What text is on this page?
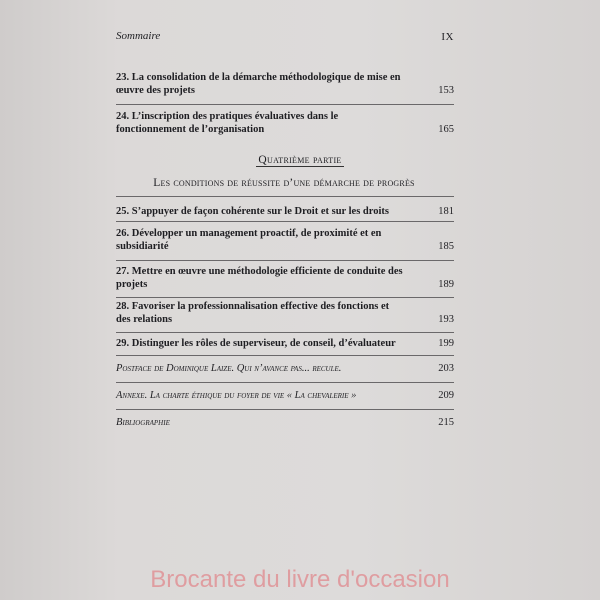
Sommaire	IX
23. La consolidation de la démarche méthodologique de mise en œuvre des projets	153
24. L’inscription des pratiques évaluatives dans le fonctionnement de l’organisation	165
Quatrième partie
Les conditions de réussite d’une démarche de progrès
25. S’appuyer de façon cohérente sur le Droit et sur les droits	181
26. Développer un management proactif, de proximité et en subsidiarité	185
27. Mettre en œuvre une méthodologie efficiente de conduite des projets	189
28. Favoriser la professionnalisation effective des fonctions et des relations	193
29. Distinguer les rôles de superviseur, de conseil, d’évaluateur	199
Postface de Dominique Laize. Qui n’avance pas... recule.	203
Annexe. La charte éthique du foyer de vie « La chevalerie »	209
Bibliographie	215
Brocante du livre d'occasion
